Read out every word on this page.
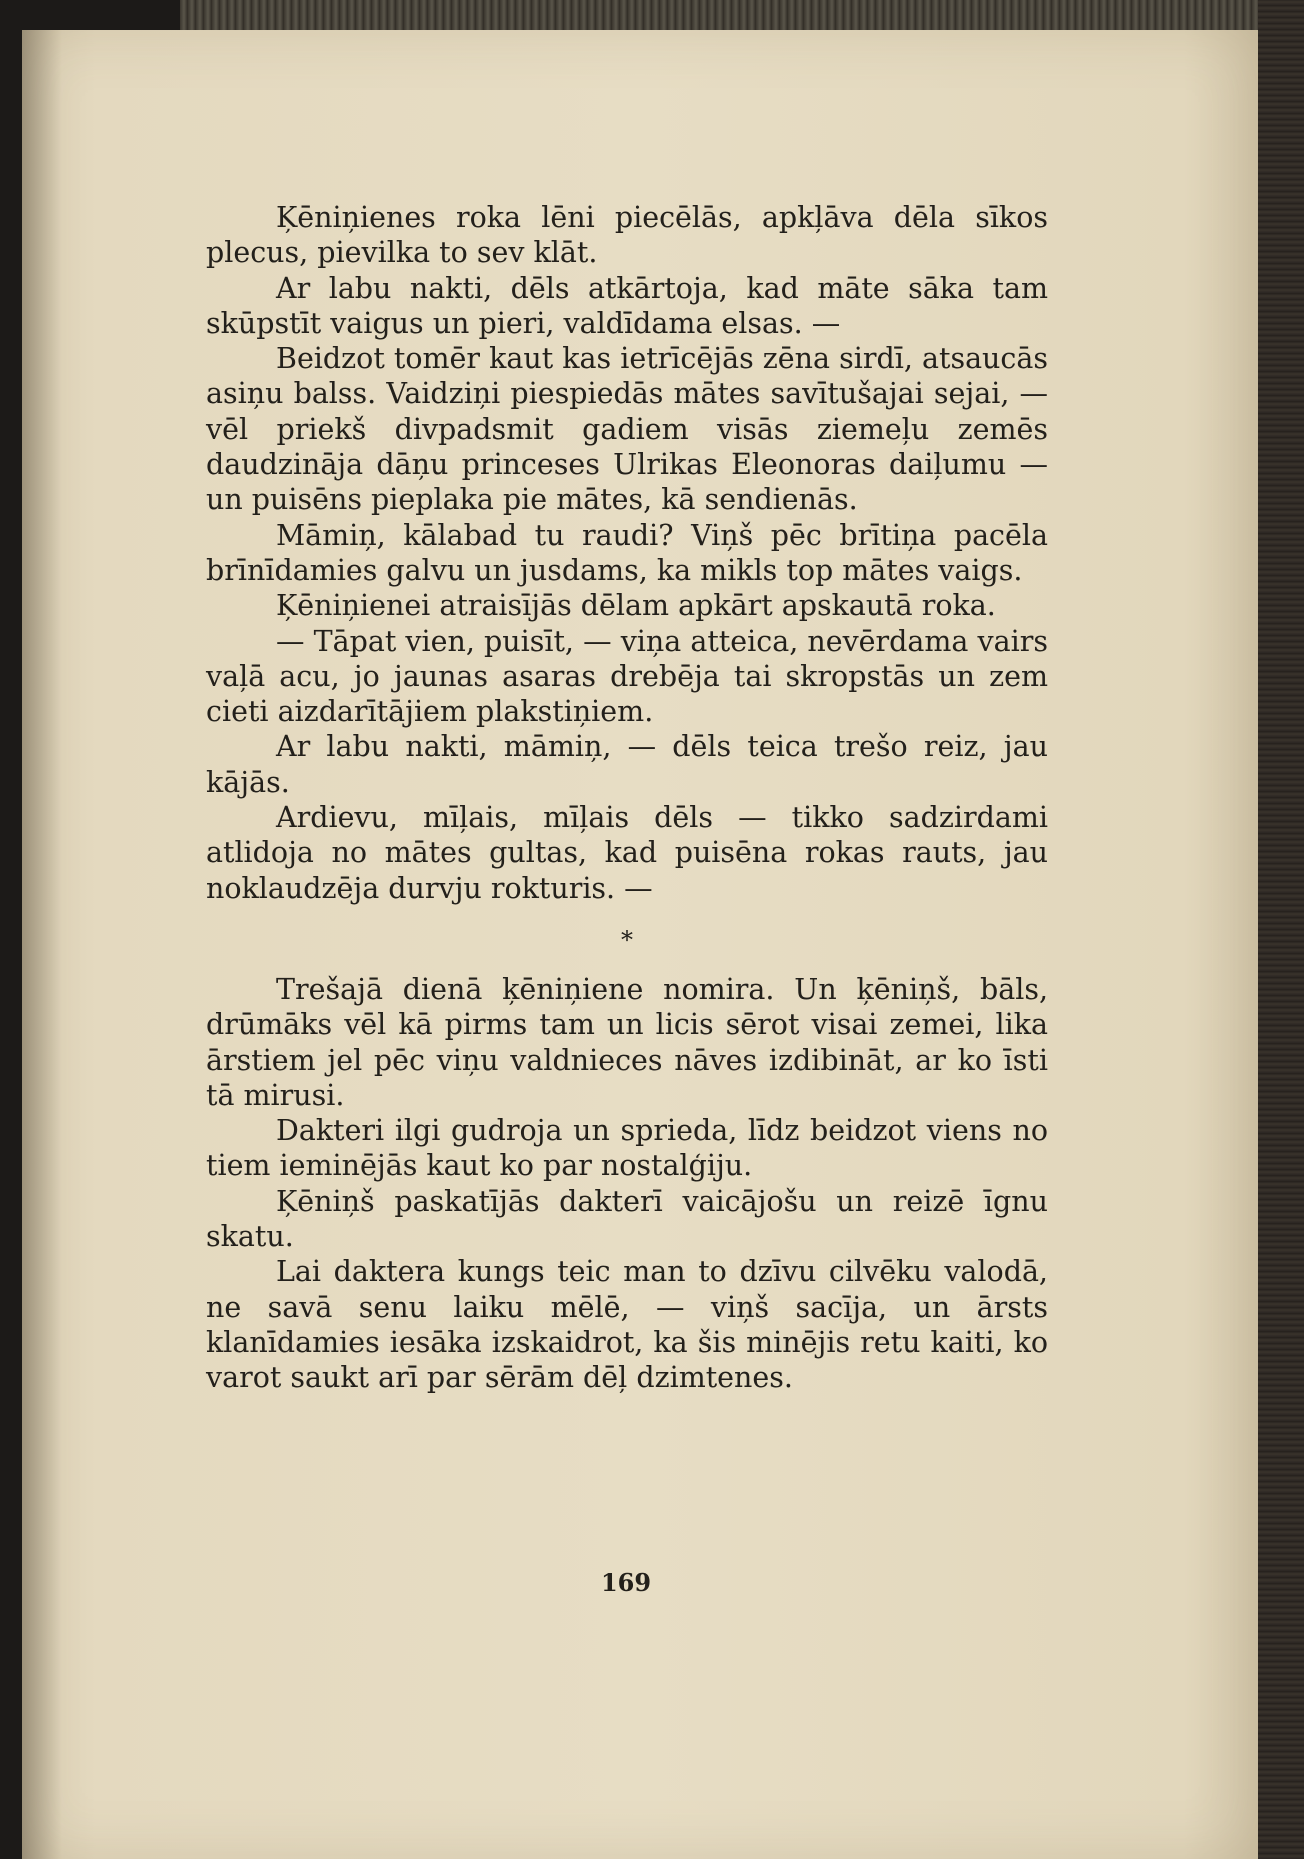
Ķēniņienes roka lēni piecēlās, apkļāva dēla sīkos plecus, pievilka to sev klāt.

Ar labu nakti, dēls atkārtoja, kad māte sāka tam skūpstīt vaigus un pieri, valdīdama elsas. —

Beidzot tomēr kaut kas ietrīcējās zēna sirdī, atsaucās asiņu balss. Vaidziņi piespiedās mātes savītušajai sejai, — vēl priekš divpadsmit gadiem visās ziemeļu zemēs daudzināja dāņu princeses Ulrikas Eleonoras daiļumu — un puisēns pieplaka pie mātes, kā sendienās.

Māmiņ, kālabad tu raudi? Viņš pēc brītiņa pacēla brīnīdamies galvu un jusdams, ka mikls top mātes vaigs.

Ķēniņienei atraisījās dēlam apkārt apskautā roka.

— Tāpat vien, puisīt, — viņa atteica, nevērdama vairs vaļā acu, jo jaunas asaras drebēja tai skropstās un zem cieti aizdarītājiem plakstiņiem.

Ar labu nakti, māmiņ, — dēls teica trešo reiz, jau kājās.

Ardievu, mīļais, mīļais dēls — tikko sadzirdami atlidoja no mātes gultas, kad puisēna rokas rauts, jau noklaudzēja durvju rokturis. —

*

Trešajā dienā ķēniņiene nomira. Un ķēniņš, bāls, drūmāks vēl kā pirms tam un licis sērot visai zemei, lika ārstiem jel pēc viņu valdnieces nāves izdibināt, ar ko īsti tā mirusi.

Dakteri ilgi gudroja un sprieda, līdz beidzot viens no tiem ieminējās kaut ko par nostalģiju.

Ķēniņš paskatījās dakterī vaicājošu un reizē īgnu skatu.

Lai daktera kungs teic man to dzīvu cilvēku valodā, ne savā senu laiku mēlē, — viņš sacīja, un ārsts klanīdamies iesāka izskaidrot, ka šis minējis retu kaiti, ko varot saukt arī par sērām dēļ dzimtenes.

169
